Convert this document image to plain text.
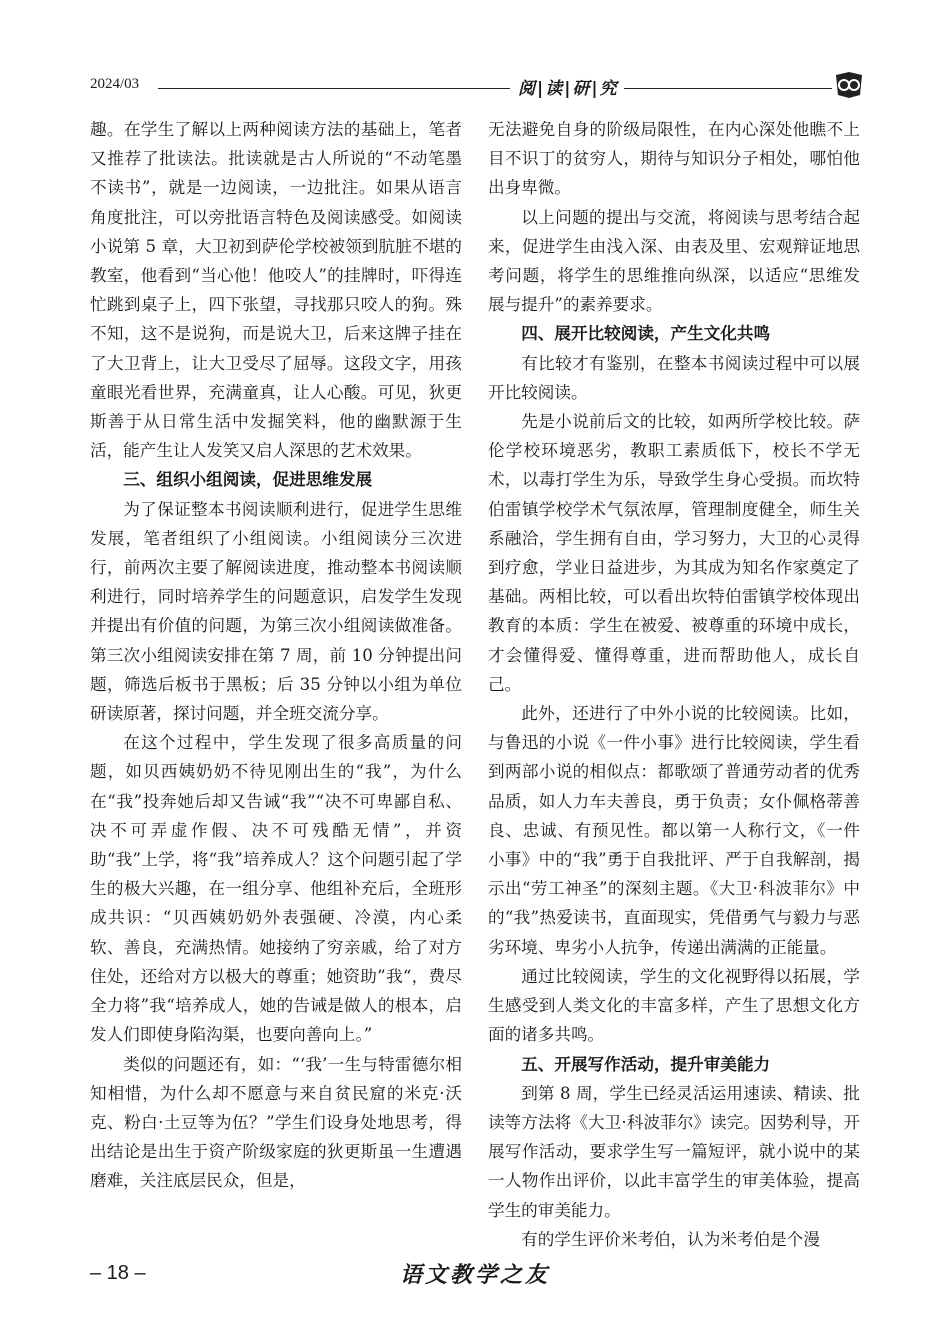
2024/03	阅|读|研|究

趣。在学生了解以上两种阅读方法的基础上，笔者又推荐了批读法。批读就是古人所说的“不动笔墨不读书”，就是一边阅读，一边批注。如果从语言角度批注，可以旁批语言特色及阅读感受。如阅读小说第 5 章，大卫初到萨伦学校被领到肮脏不堪的教室，他看到“当心他！他咬人”的挂牌时，吓得连忙跳到桌子上，四下张望，寻找那只咬人的狗。殊不知，这不是说狗，而是说大卫，后来这牌子挂在了大卫背上，让大卫受尽了屈辱。这段文字，用孩童眼光看世界，充满童真，让人心酸。可见，狄更斯善于从日常生活中发掘笑料，他的幽默源于生活，能产生让人发笑又启人深思的艺术效果。

三、组织小组阅读，促进思维发展

为了保证整本书阅读顺利进行，促进学生思维发展，笔者组织了小组阅读。小组阅读分三次进行，前两次主要了解阅读进度，推动整本书阅读顺利进行，同时培养学生的问题意识，启发学生发现并提出有价值的问题，为第三次小组阅读做准备。第三次小组阅读安排在第 7 周，前 10 分钟提出问题，筛选后板书于黑板；后 35 分钟以小组为单位研读原著，探讨问题，并全班交流分享。

在这个过程中，学生发现了很多高质量的问题，如贝西姨奶奶不待见刚出生的“我”，为什么在“我”投奔她后却又告诫“我”“决不可卑鄙自私、决不可弄虚作假、决不可残酷无情”，并资助“我”上学，将“我”培养成人？这个问题引起了学生的极大兴趣，在一组分享、他组补充后，全班形成共识：“贝西姨奶奶外表强硬、冷漠，内心柔软、善良，充满热情。她接纳了穷亲戚，给了对方住处，还给对方以极大的尊重；她资助”我“，费尽全力将”我“培养成人，她的告诫是做人的根本，启发人们即使身陷沟渠，也要向善向上。”

类似的问题还有，如：“‘我’一生与特雷德尔相知相惜，为什么却不愿意与来自贫民窟的米克·沃克、粉白·土豆等为伍？”学生们设身处地思考，得出结论是出生于资产阶级家庭的狄更斯虽一生遭遇磨难，关注底层民众，但是，

无法避免自身的阶级局限性，在内心深处他瞧不上目不识丁的贫穷人，期待与知识分子相处，哪怕他出身卑微。

以上问题的提出与交流，将阅读与思考结合起来，促进学生由浅入深、由表及里、宏观辩证地思考问题，将学生的思维推向纵深，以适应“思维发展与提升”的素养要求。

四、展开比较阅读，产生文化共鸣

有比较才有鉴别，在整本书阅读过程中可以展开比较阅读。

先是小说前后文的比较，如两所学校比较。萨伦学校环境恶劣，教职工素质低下，校长不学无术，以毒打学生为乐，导致学生身心受损。而坎特伯雷镇学校学术气氛浓厚，管理制度健全，师生关系融洽，学生拥有自由，学习努力，大卫的心灵得到疗愈，学业日益进步，为其成为知名作家奠定了基础。两相比较，可以看出坎特伯雷镇学校体现出教育的本质：学生在被爱、被尊重的环境中成长，才会懂得爱、懂得尊重，进而帮助他人，成长自己。

此外，还进行了中外小说的比较阅读。比如，与鲁迅的小说《一件小事》进行比较阅读，学生看到两部小说的相似点：都歌颂了普通劳动者的优秀品质，如人力车夫善良，勇于负责；女仆佩格蒂善良、忠诚、有预见性。都以第一人称行文，《一件小事》中的“我”勇于自我批评、严于自我解剖，揭示出“劳工神圣”的深刻主题。《大卫·科波菲尔》中的“我”热爱读书，直面现实，凭借勇气与毅力与恶劣环境、卑劣小人抗争，传递出满满的正能量。

通过比较阅读，学生的文化视野得以拓展，学生感受到人类文化的丰富多样，产生了思想文化方面的诸多共鸣。

五、开展写作活动，提升审美能力

到第 8 周，学生已经灵活运用速读、精读、批读等方法将《大卫·科波菲尔》读完。因势利导，开展写作活动，要求学生写一篇短评，就小说中的某一人物作出评价，以此丰富学生的审美体验，提高学生的审美能力。

有的学生评价米考伯，认为米考伯是个漫

– 18 –	语文教学之友
